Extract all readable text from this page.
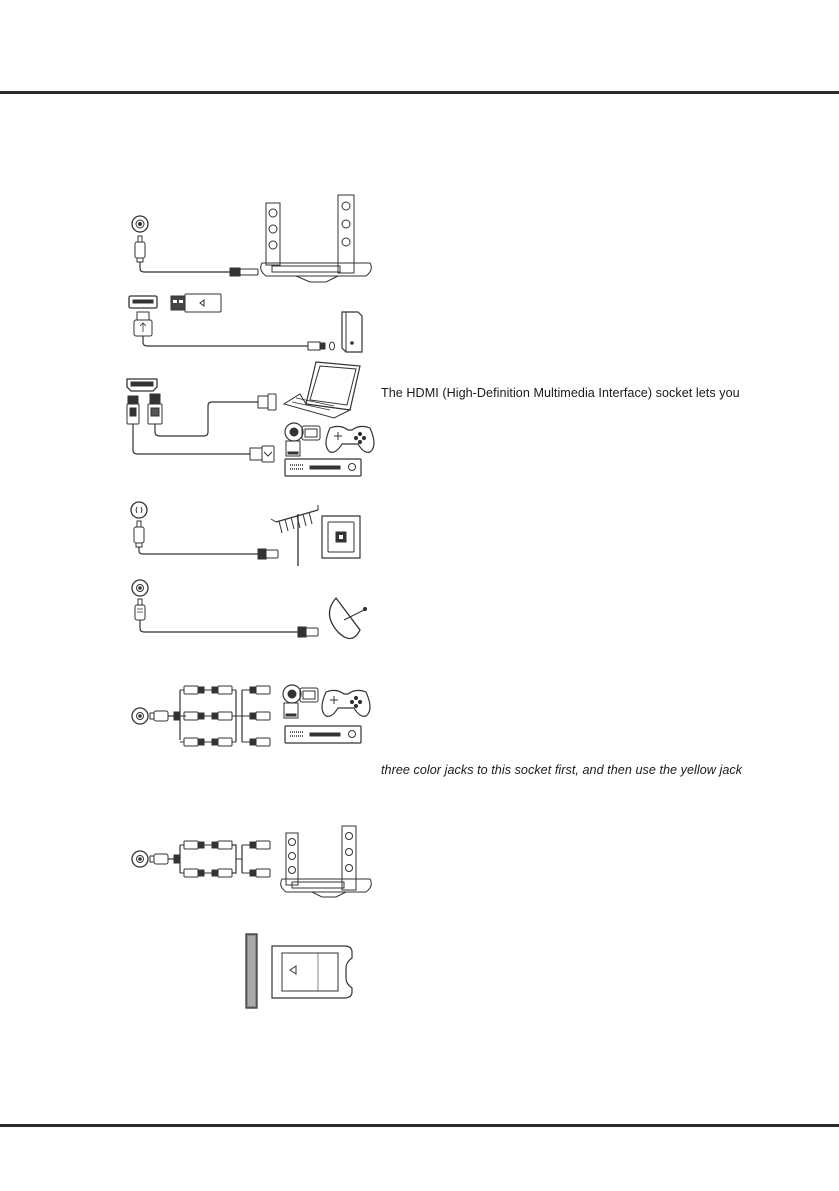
The HDMI (High-Definition Multimedia Interface) socket lets you
three color jacks to this socket first, and then use the yellow jack
